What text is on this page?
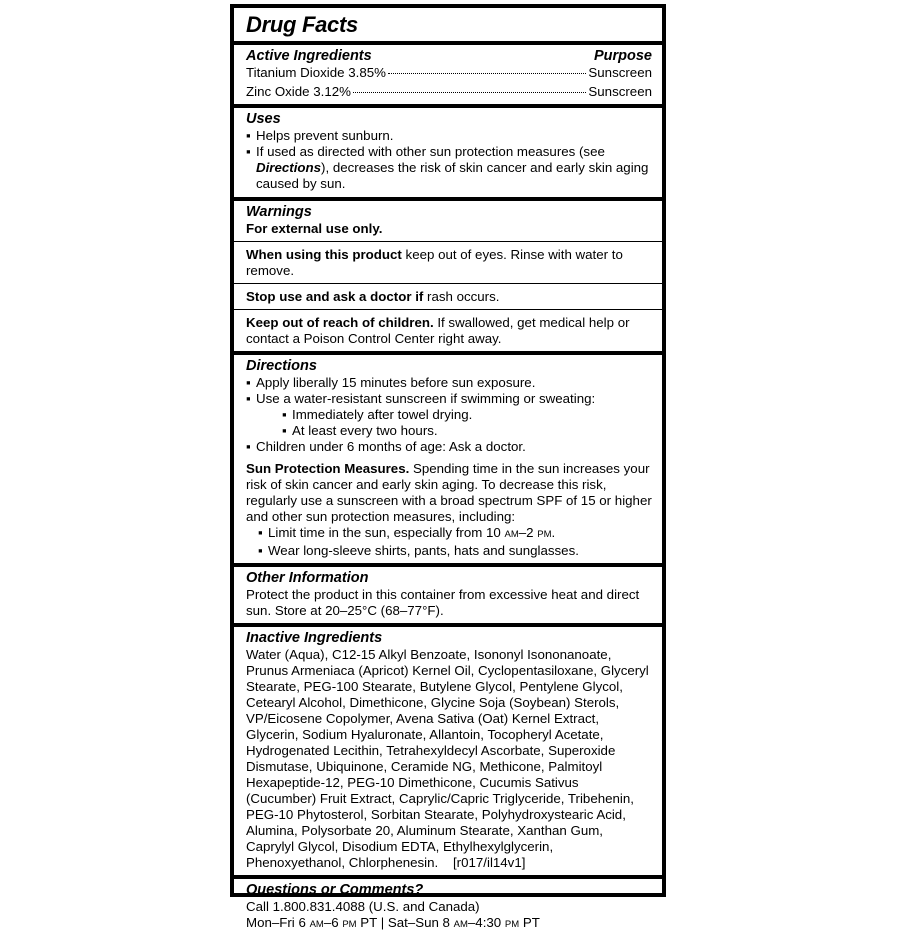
Drug Facts
Active Ingredients	Purpose
Titanium Dioxide 3.85%	Sunscreen
Zinc Oxide 3.12%	Sunscreen
Uses
▪ Helps prevent sunburn.
▪ If used as directed with other sun protection measures (see Directions), decreases the risk of skin cancer and early skin aging caused by sun.
Warnings
For external use only.
When using this product keep out of eyes. Rinse with water to remove.
Stop use and ask a doctor if rash occurs.
Keep out of reach of children. If swallowed, get medical help or contact a Poison Control Center right away.
Directions
▪ Apply liberally 15 minutes before sun exposure.
▪ Use a water-resistant sunscreen if swimming or sweating:
▪ Immediately after towel drying.
▪ At least every two hours.
▪ Children under 6 months of age: Ask a doctor.

Sun Protection Measures. Spending time in the sun increases your risk of skin cancer and early skin aging. To decrease this risk, regularly use a sunscreen with a broad spectrum SPF of 15 or higher and other sun protection measures, including:

▪ Limit time in the sun, especially from 10 AM–2 PM.
▪ Wear long-sleeve shirts, pants, hats and sunglasses.
Other Information

Protect the product in this container from excessive heat and direct sun. Store at 20–25°C (68–77°F).

Inactive Ingredients

Water (Aqua), C12-15 Alkyl Benzoate, Isononyl Isononanoate, Prunus Armeniaca (Apricot) Kernel Oil, Cyclopentasiloxane, Glyceryl Stearate, PEG-100 Stearate, Butylene Glycol, Pentylene Glycol, Cetearyl Alcohol, Dimethicone, Glycine Soja (Soybean) Sterols, VP/Eicosene Copolymer, Avena Sativa (Oat) Kernel Extract, Glycerin, Sodium Hyaluronate, Allantoin, Tocopheryl Acetate, Hydrogenated Lecithin, Tetrahexyldecyl Ascorbate, Superoxide Dismutase, Ubiquinone, Ceramide NG, Methicone, Palmitoyl Hexapeptide-12, PEG-10 Dimethicone, Cucumis Sativus (Cucumber) Fruit Extract, Caprylic/Capric Triglyceride, Tribehenin, PEG-10 Phytosterol, Sorbitan Stearate, Polyhydroxystearic Acid, Alumina, Polysorbate 20, Aluminum Stearate, Xanthan Gum, Caprylyl Glycol, Disodium EDTA, Ethylhexylglycerin, Phenoxyethanol, Chlorphenesin. [r017/il14v1]

Questions or Comments?
Call 1.800.831.4088 (U.S. and Canada)
Mon–Fri 6 AM–6 PM PT | Sat–Sun 8 AM–4:30 PM PT
